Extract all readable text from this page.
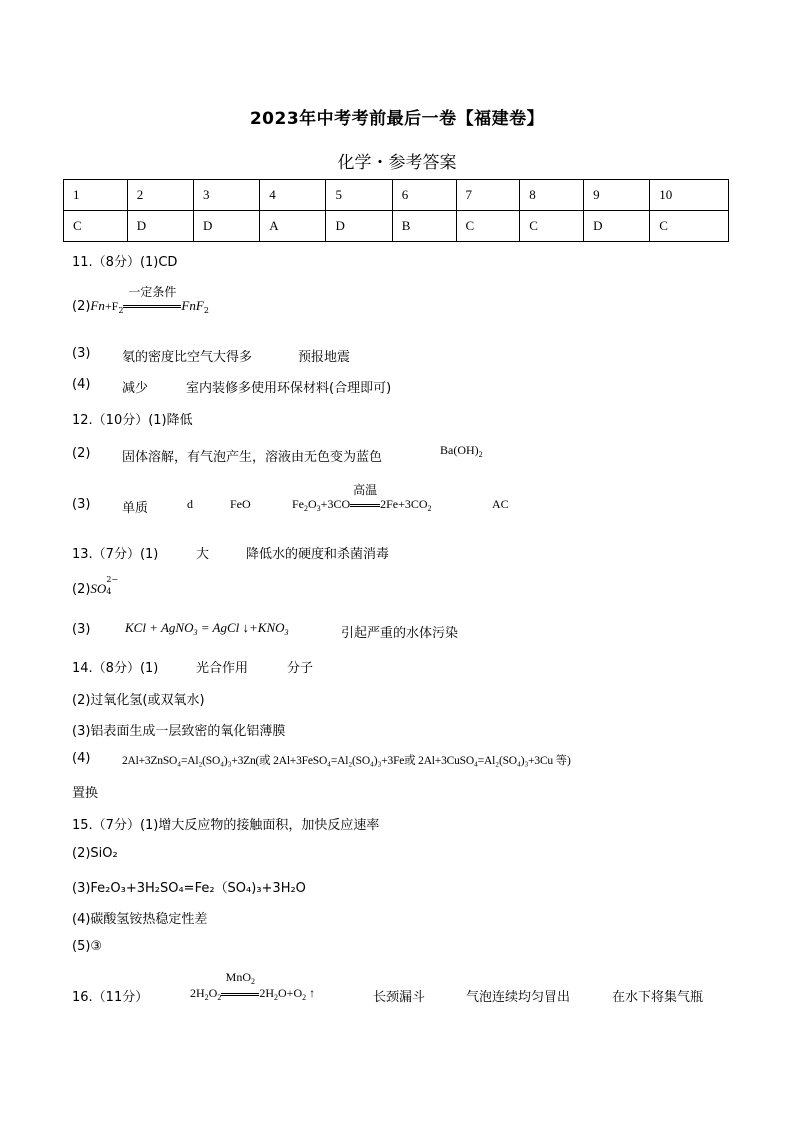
2023年中考考前最后一卷【福建卷】
化学・参考答案
1	2	3	4	5	6	7	8	9	10
C	D	D	A	D	B	C	C	D	C
11.（8分）(1)CD
$(2)Fn+F_2$
一定条件
FnF$_2$
(3) 氡的密度比空气大得多	预报地震
(4) 减少	室内装修多使用环保材料(合理即可)
12.（10分）(1)降低
(2) 固体溶解，有气泡产生，溶液由无色变为蓝色	$Ba(OH)_2$
(3) 单质	d	FeO	$Fe_2O_3+3CO$
高温
$2Fe+3CO_2$	AC
13.（7分）(1)	大	降低水的硬度和杀菌消毒
(2)SO
2−
4
(3)	KCl + AgNO$_3$ = AgCl $↓+KNO_3$	引起严重的水体污染
14.（8分）(1)	光合作用	分子
(2)过氧化氢(或双氧水)
(3)铝表面生成一层致密的氧化铝薄膜
(4)	2Al+3ZnSO₄=Al₂(SO₄)₃+3Zn(或 2Al+3FeSO₄=Al₂(SO₄)₃+3Fe或 2Al+3CuSO₄=Al₂(SO₄)₃+3Cu 等)
置换
15.（7分）(1)增大反应物的接触面积，加快反应速率
(2)SiO₂
(3)Fe₂O₃+3H₂SO₄=Fe₂（SO₄)₃+3H₂O
(4)碳酸氢铵热稳定性差
(5)③
16.（11分）	$2H_2O_2$
MnO$_2$
$2H_2O+O_2$ ↑	长颈漏斗	气泡连续均匀冒出	在水下将集气瓶
